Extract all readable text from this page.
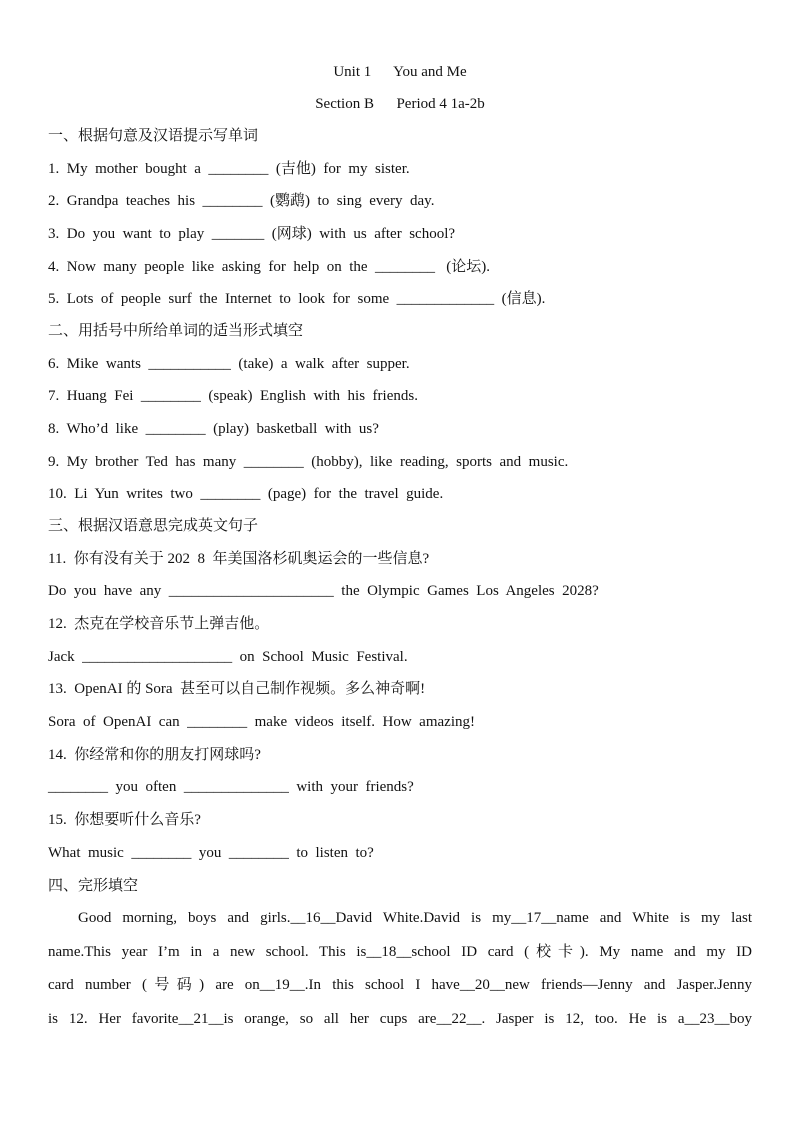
Unit 1      You and Me
Section B      Period 4 1a-2b
一、根据句意及汉语提示写单词
1.  My  mother  bought  a  ________  (吉他)  for  my  sister.
2.  Grandpa  teaches  his  ________  (鹦鹉)  to  sing  every  day.
3.  Do  you  want  to  play  _______  (网球)  with  us  after  school?
4.  Now  many  people  like  asking  for  help  on  the  ________   (论坛).
5.  Lots  of  people  surf  the  Internet  to  look  for  some  _____________  (信息).
二、用括号中所给单词的适当形式填空
6.  Mike  wants  ___________  (take)  a  walk  after  supper.
7.  Huang  Fei  ________  (speak)  English  with  his  friends.
8.  Who’d  like  ________  (play)  basketball  with  us?
9.  My  brother  Ted  has  many  ________  (hobby),  like  reading,  sports  and  music.
10.  Li  Yun  writes  two  ________  (page)  for  the  travel  guide.
三、根据汉语意思完成英文句子
11.  你有没有关于 202  8  年美国洛杉矶奥运会的一些信息?
Do  you  have  any  ______________________  the  Olympic  Games  Los  Angeles  2028?
12.  杰克在学校音乐节上弹吉他。
Jack  ____________________  on  School  Music  Festival.
13.  OpenAI 的 Sora  甚至可以自己制作视频。多么神奇啊!
Sora  of  OpenAI  can  ________  make  videos  itself.  How  amazing!
14.  你经常和你的朋友打网球吗?
________  you  often  ______________  with  your  friends?
15.  你想要听什么音乐?
What  music  ________  you  ________  to  listen  to?
四、完形填空
Good morning, boys and girls.__16__David White.David is my__17__name and White is my last
name.This year I’m in a new school. This is__18__school ID card (校卡). My name and my ID
card number (号码) are on__19__.In this school I have__20__new friends—Jenny and Jasper.Jenny
is 12. Her favorite__21__is orange, so all her cups are__22__. Jasper is 12, too. He is a__23__boy
